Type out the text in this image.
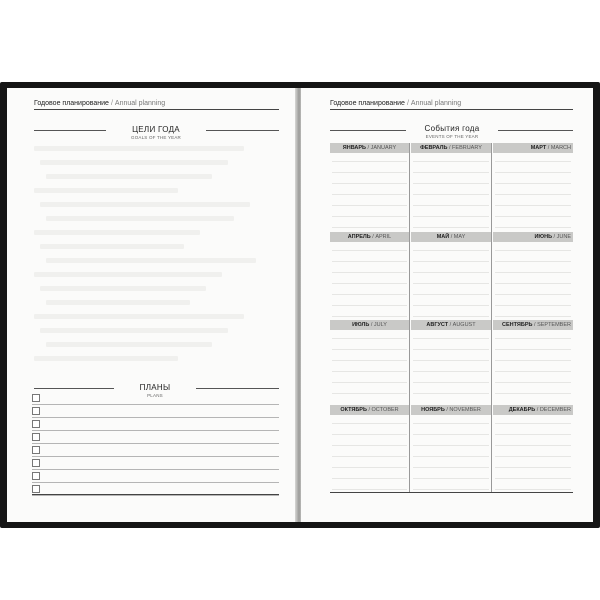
Годовое планирование / Annual planning
ЦЕЛИ ГОДА
GOALS OF THE YEAR
ПЛАНЫ
PLANS
Годовое планирование / Annual planning
События года
EVENTS OF THE YEAR
ЯНВАРЬ / JANUARY	ФЕВРАЛЬ / FEBRUARY	МАРТ / MARCH
АПРЕЛЬ / APRIL	МАЙ / MAY	ИЮНЬ / JUNE
ИЮЛЬ / JULY	АВГУСТ / AUGUST	СЕНТЯБРЬ / SEPTEMBER
ОКТЯБРЬ / OCTOBER	НОЯБРЬ / NOVEMBER	ДЕКАБРЬ / DECEMBER
